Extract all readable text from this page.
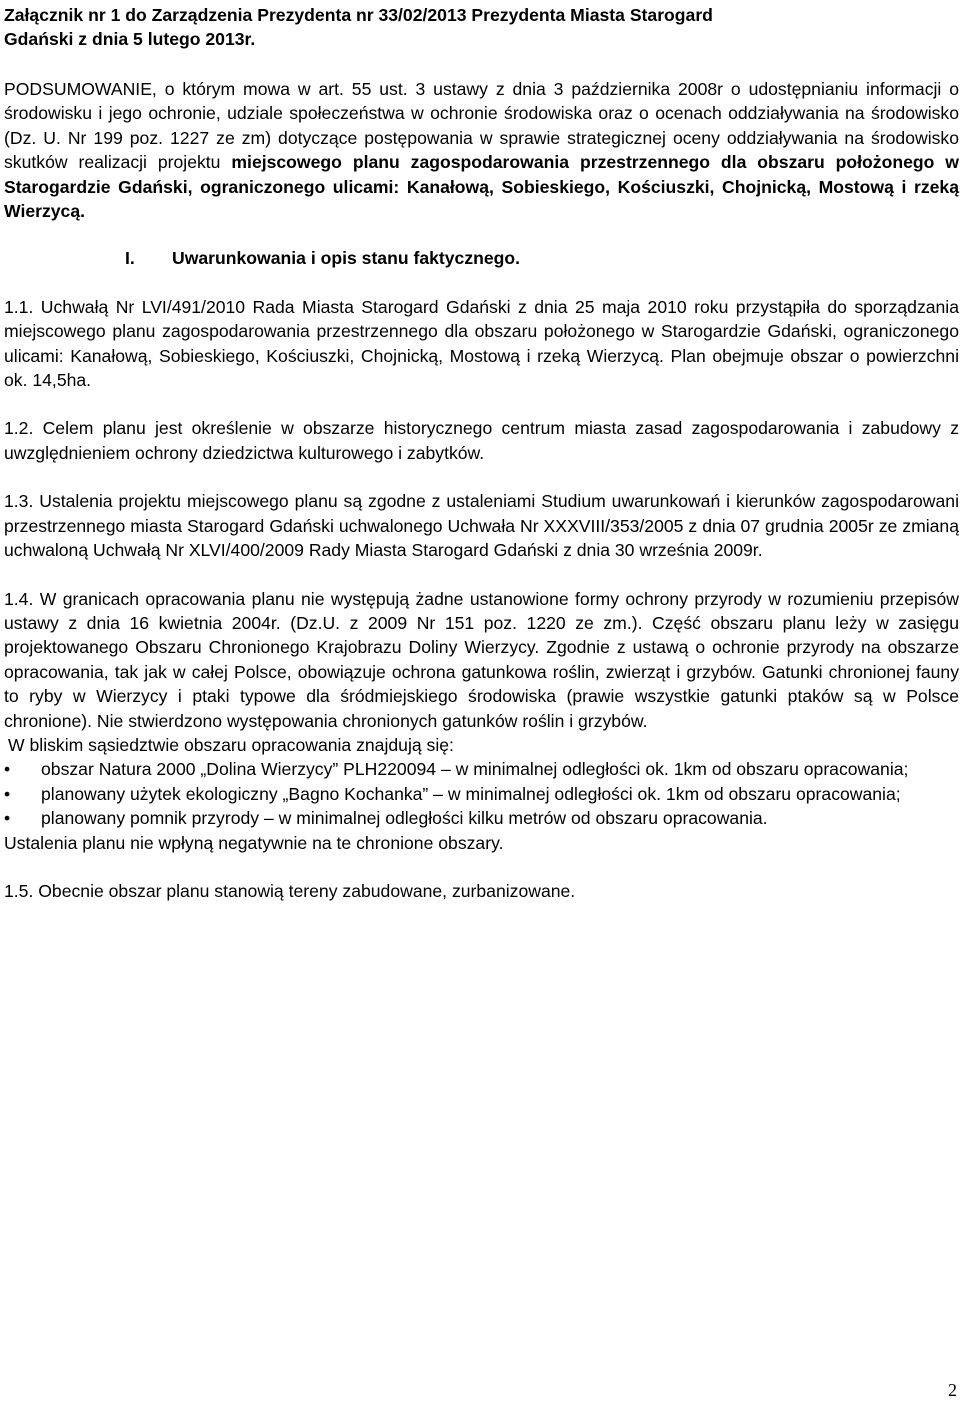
Załącznik nr 1 do Zarządzenia Prezydenta nr 33/02/2013 Prezydenta Miasta Starogard
Gdański z dnia 5 lutego 2013r.

PODSUMOWANIE, o którym mowa w art. 55 ust. 3 ustawy z dnia 3 października 2008r o udostępnianiu informacji o środowisku i jego ochronie, udziale społeczeństwa w ochronie środowiska oraz o ocenach oddziaływania na środowisko (Dz. U. Nr 199 poz. 1227 ze zm) dotyczące postępowania w sprawie strategicznej oceny oddziaływania na środowisko skutków realizacji projektu miejscowego planu zagospodarowania przestrzennego dla obszaru położonego w Starogardzie Gdański, ograniczonego ulicami: Kanałową, Sobieskiego, Kościuszki, Chojnicką, Mostową i rzeką Wierzycą.

I. Uwarunkowania i opis stanu faktycznego.

1.1. Uchwałą Nr LVI/491/2010 Rada Miasta Starogard Gdański z dnia 25 maja 2010 roku przystąpiła do sporządzania miejscowego planu zagospodarowania przestrzennego dla obszaru położonego w Starogardzie Gdański, ograniczonego ulicami: Kanałową, Sobieskiego, Kościuszki, Chojnicką, Mostową i rzeką Wierzycą. Plan obejmuje obszar o powierzchni ok. 14,5ha.

1.2. Celem planu jest określenie w obszarze historycznego centrum miasta zasad zagospodarowania i zabudowy z uwzględnieniem ochrony dziedzictwa kulturowego i zabytków.

1.3. Ustalenia projektu miejscowego planu są zgodne z ustaleniami Studium uwarunkowań i kierunków zagospodarowani przestrzennego miasta Starogard Gdański uchwalonego Uchwała Nr XXXVIII/353/2005 z dnia 07 grudnia 2005r ze zmianą uchwaloną Uchwałą Nr XLVI/400/2009 Rady Miasta Starogard Gdański z dnia 30 września 2009r.

1.4. W granicach opracowania planu nie występują żadne ustanowione formy ochrony przyrody w rozumieniu przepisów ustawy z dnia 16 kwietnia 2004r. (Dz.U. z 2009 Nr 151 poz. 1220 ze zm.). Część obszaru planu leży w zasięgu projektowanego Obszaru Chronionego Krajobrazu Doliny Wierzycy. Zgodnie z ustawą o ochronie przyrody na obszarze opracowania, tak jak w całej Polsce, obowiązuje ochrona gatunkowa roślin, zwierząt i grzybów. Gatunki chronionej fauny to ryby w Wierzycy i ptaki typowe dla śródmiejskiego środowiska (prawie wszystkie gatunki ptaków są w Polsce chronione). Nie stwierdzono występowania chronionych gatunków roślin i grzybów.

W bliskim sąsiedztwie obszaru opracowania znajdują się:

• obszar Natura 2000 „Dolina Wierzycy” PLH220094 – w minimalnej odległości ok. 1km od obszaru opracowania;
• planowany użytek ekologiczny „Bagno Kochanka” – w minimalnej odległości ok. 1km od obszaru opracowania;
• planowany pomnik przyrody – w minimalnej odległości kilku metrów od obszaru opracowania.

Ustalenia planu nie wpłyną negatywnie na te chronione obszary.

1.5. Obecnie obszar planu stanowią tereny zabudowane, zurbanizowane.

2
